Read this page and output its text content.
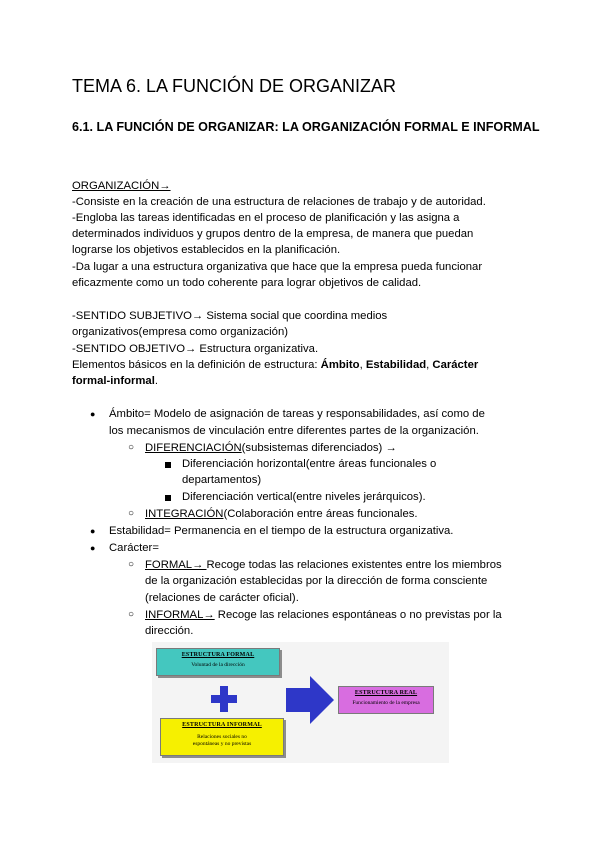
TEMA 6. LA FUNCIÓN DE ORGANIZAR
6.1. LA FUNCIÓN DE ORGANIZAR: LA ORGANIZACIÓN FORMAL E INFORMAL

ORGANIZACIÓN→

-Consiste en la creación de una estructura de relaciones de trabajo y de autoridad.

-Engloba las tareas identificadas en el proceso de planificación y las asigna a

determinados individuos y grupos dentro de la empresa, de manera que puedan

lograrse los objetivos establecidos en la planificación.

-Da lugar a una estructura organizativa que hace que la empresa pueda funcionar

eficazmente como un todo coherente para lograr objetivos de calidad.

-SENTIDO SUBJETIVO→ Sistema social que coordina medios

organizativos(empresa como organización)

-SENTIDO OBJETIVO→ Estructura organizativa.

Elementos básicos en la definición de estructura: Ámbito, Estabilidad, Carácter

formal-informal.

● Ámbito= Modelo de asignación de tareas y responsabilidades, así como de

los mecanismos de vinculación entre diferentes partes de la organización.

○ DIFERENCIACIÓN(subsistemas diferenciados) →

Diferenciación horizontal(entre áreas funcionales o

departamentos)

Diferenciación vertical(entre niveles jerárquicos).

○ INTEGRACIÓN(Colaboración entre áreas funcionales.

● Estabilidad= Permanencia en el tiempo de la estructura organizativa.

● Carácter=

○ FORMAL→ Recoge todas las relaciones existentes entre los miembros

de la organización establecidas por la dirección de forma consciente

(relaciones de carácter oficial).

○ INFORMAL→ Recoge las relaciones espontáneas o no previstas por la

dirección.

ESTRUCTURA FORMAL
Voluntad de la dirección
ESTRUCTURA INFORMAL
Relaciones sociales no
espontáneas y no previstas
ESTRUCTURA REAL
Funcionamiento de la empresa
